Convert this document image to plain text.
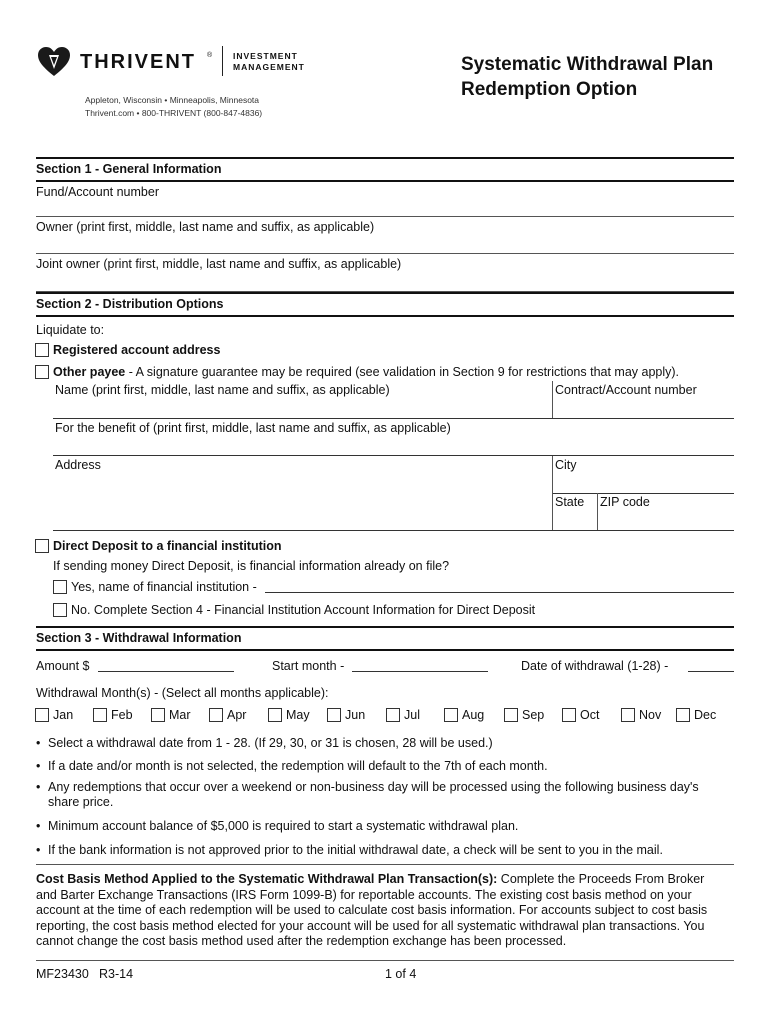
THRIVENT ® INVESTMENT
MANAGEMENT
Appleton, Wisconsin • Minneapolis, Minnesota
Thrivent.com • 800-THRIVENT (800-847-4836)
Systematic Withdrawal Plan
Redemption Option
Section 1 - General Information
Fund/Account number
Owner (print first, middle, last name and suffix, as applicable)
Joint owner (print first, middle, last name and suffix, as applicable)
Section 2 - Distribution Options
Liquidate to:
Registered account address
Other payee - A signature guarantee may be required (see validation in Section 9 for restrictions that may apply).
Name (print first, middle, last name and suffix, as applicable)	Contract/Account number
For the benefit of (print first, middle, last name and suffix, as applicable)
Address	City
State ZIP code
Direct Deposit to a financial institution
If sending money Direct Deposit, is financial information already on file?
Yes, name of financial institution -
No. Complete Section 4 - Financial Institution Account Information for Direct Deposit
Section 3 - Withdrawal Information
Amount $	Start month -	Date of withdrawal (1-28) -
Withdrawal Month(s) - (Select all months applicable):
Jan	Feb	Mar	Apr	May	Jun	Jul	Aug	Sep	Oct	Nov	Dec
• Select a withdrawal date from 1 - 28. (If 29, 30, or 31 is chosen, 28 will be used.)
• If a date and/or month is not selected, the redemption will default to the 7th of each month.
• Any redemptions that occur over a weekend or non-business day will be processed using the following business day's
share price.
• Minimum account balance of $5,000 is required to start a systematic withdrawal plan.
• If the bank information is not approved prior to the initial withdrawal date, a check will be sent to you in the mail.
Cost Basis Method Applied to the Systematic Withdrawal Plan Transaction(s): Complete the Proceeds From Broker and Barter Exchange Transactions (IRS Form 1099-B) for reportable accounts. The existing cost basis method on your account at the time of each redemption will be used to calculate cost basis information. For accounts subject to cost basis reporting, the cost basis method elected for your account will be used for all systematic withdrawal plan transactions. You cannot change the cost basis method used after the redemption exchange has been processed.
MF23430 R3-14	1 of 4
